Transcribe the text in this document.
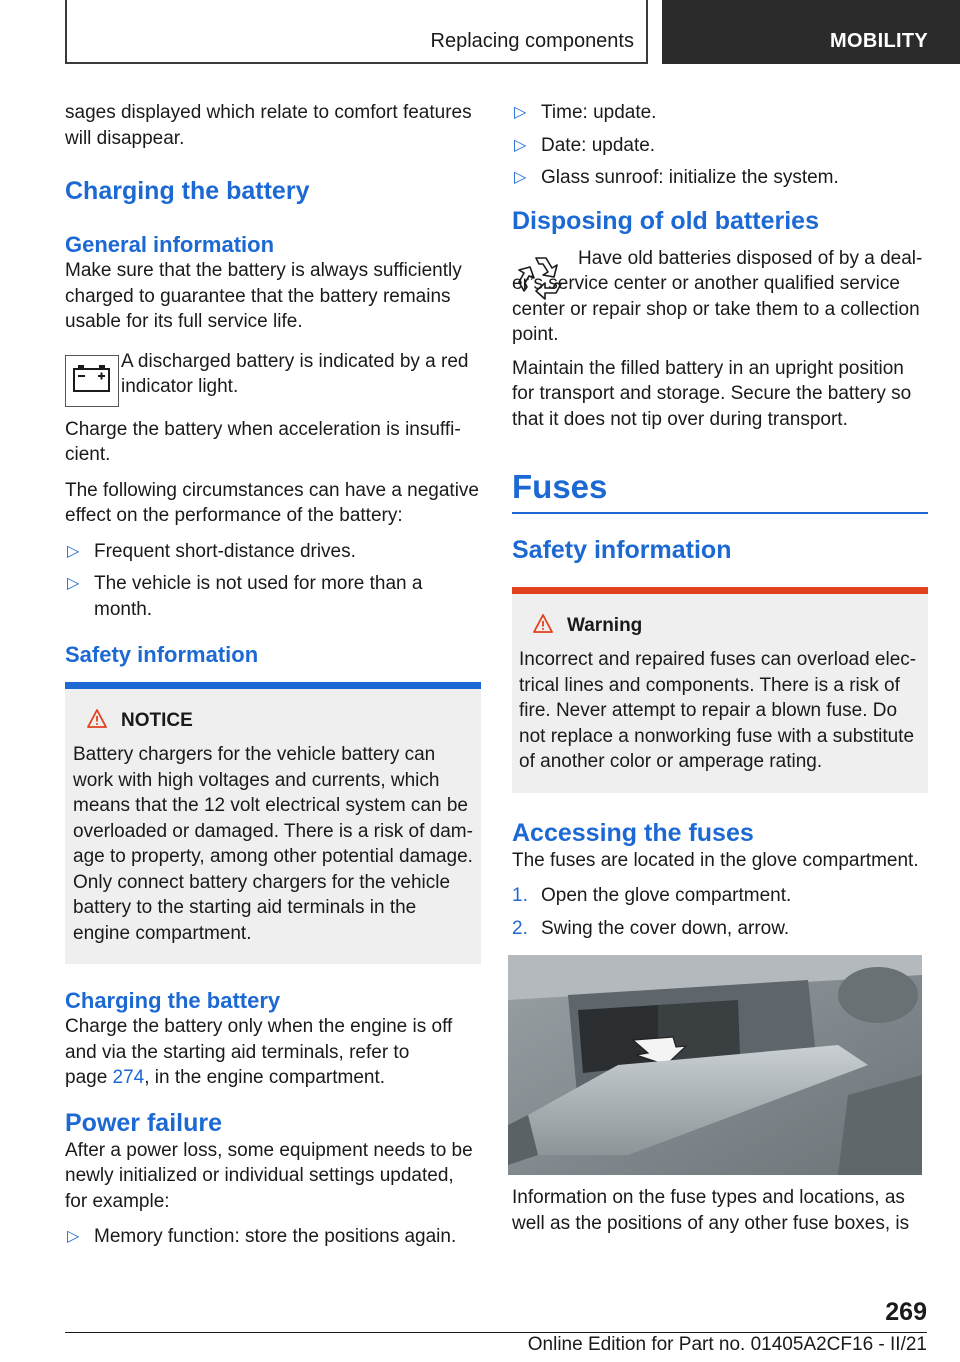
Replacing components	MOBILITY

sages displayed which relate to comfort features will disappear.

Charging the battery
General information

Make sure that the battery is always sufficiently charged to guarantee that the battery remains usable for its full service life.

A discharged battery is indicated by a red indicator light.

Charge the battery when acceleration is insufficient.

The following circumstances can have a negative effect on the performance of the battery:

▷ Frequent short-distance drives.
▷ The vehicle is not used for more than a month.
Safety information
NOTICE

Battery chargers for the vehicle battery can work with high voltages and currents, which means that the 12 volt electrical system can be overloaded or damaged. There is a risk of damage to property, among other potential damage. Only connect battery chargers for the vehicle battery to the starting aid terminals in the engine compartment.

Charging the battery

Charge the battery only when the engine is off and via the starting aid terminals, refer to page 274, in the engine compartment.

Power failure

After a power loss, some equipment needs to be newly initialized or individual settings updated, for example:

▷ Memory function: store the positions again.
▷ Time: update.
▷ Date: update.
▷ Glass sunroof: initialize the system.
Disposing of old batteries

Have old batteries disposed of by a dealer’s service center or another qualified service center or repair shop or take them to a collection point.

Maintain the filled battery in an upright position for transport and storage. Secure the battery so that it does not tip over during transport.

Fuses
Safety information
Warning

Incorrect and repaired fuses can overload electrical lines and components. There is a risk of fire. Never attempt to repair a blown fuse. Do not replace a nonworking fuse with a substitute of another color or amperage rating.

Accessing the fuses

The fuses are located in the glove compartment.

1. Open the glove compartment.
2. Swing the cover down, arrow.

Information on the fuse types and locations, as well as the positions of any other fuse boxes, is

269
Online Edition for Part no. 01405A2CF16 - II/21
